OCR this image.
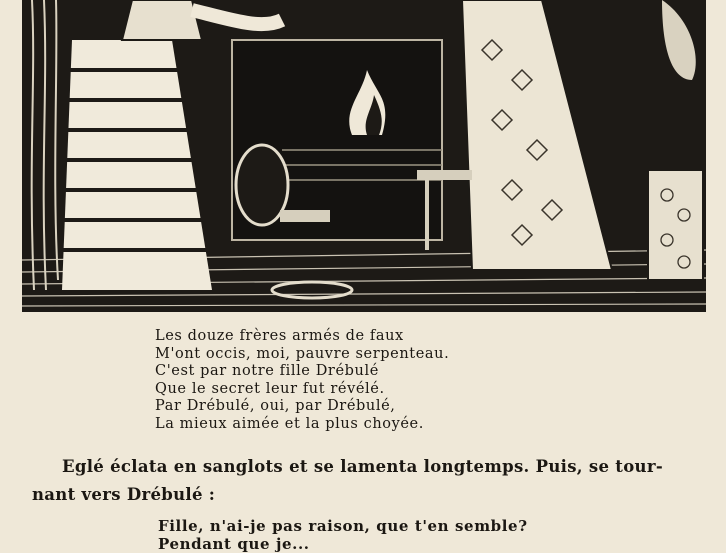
Les douze frères armés de faux
M'ont occis, moi, pauvre serpenteau.
C'est par notre fille Drébulé
Que le secret leur fut révélé.
Par Drébulé, oui, par Drébulé,
La mieux aimée et la plus choyée.
Eglé éclata en sanglots et se lamenta longtemps. Puis, se tour-
nant vers Drébulé :
Fille, n'ai-je pas raison, que t'en semble?
Pendant que je...
